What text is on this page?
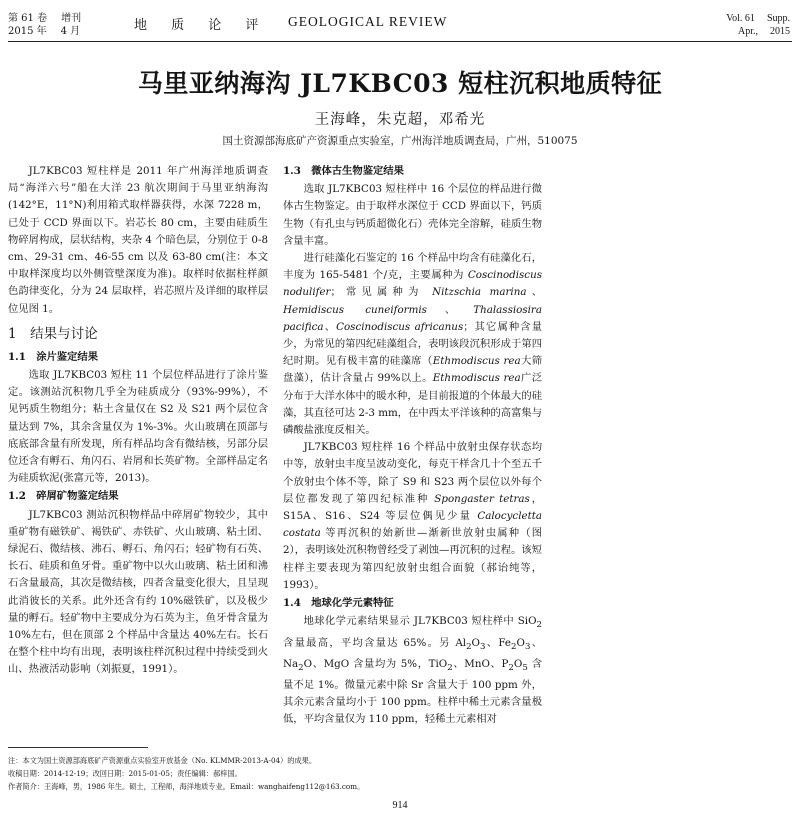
第 61 卷 增刊
2015 年 4 月	地 质 论 评 GEOLOGICAL REVIEW	Vol. 61 Supp.
Apr., 2015
马里亚纳海沟 JL7KBC03 短柱沉积地质特征
王海峰，朱克超，邓希光
国土资源部海底矿产资源重点实验室，广州海洋地质调查局，广州，510075

JL7KBC03 短柱样是 2011 年广州海洋地质调查局“海洋六号”船在大洋 23 航次期间于马里亚纳海沟(142°E，11°N)利用箱式取样器获得，水深 7228 m，已处于 CCD 界面以下。岩芯长 80 cm，主要由硅质生物碎屑构成，层状结构，夹杂 4 个暗色层，分别位于 0-8 cm、29-31 cm、46-55 cm 以及 63-80 cm(注：本文中取样深度均以外侧管壁深度为准)。取样时依据柱样颜色韵律变化，分为 24 层取样，岩芯照片及详细的取样层位见图 1。

1　结果与讨论
1.1　涂片鉴定结果

选取 JL7KBC03 短柱 11 个层位样品进行了涂片鉴定。该测站沉积物几乎全为硅质成分（93%-99%），不见钙质生物组分；粘土含量仅在 S2 及 S21 两个层位含量达到 7%，其余含量仅为 1%-3%。火山玻璃在顶部与底底部含量有所发现，所有样品均含有微结核，另部分层位还含有孵石、角闪石、岩屑和长英矿物。全部样品定名为硅质软泥(张富元等，2013)。

1.2　碎屑矿物鉴定结果

JL7KBC03 测站沉积物样品中碎屑矿物较少，其中重矿物有磁铁矿、褐铁矿、赤铁矿、火山玻璃、粘土团、绿泥石、微结核、沸石、孵石、角闪石；轻矿物有石英、长石、硅质和鱼牙骨。重矿物中以火山玻璃、粘土团和沸石含量最高，其次是微结核，四者含量变化很大，且呈现此消彼长的关系。此外还含有约 10%磁铁矿，以及极少量的孵石。轻矿物中主要成分为石英为主，鱼牙骨含量为 10%左右，但在顶部 2 个样品中含量达 40%左右。长石在整个柱中均有出现，表明该柱样沉积过程中持续受到火山、热液活动影响（刘振夏，1991）。

1.3　微体古生物鉴定结果

选取 JL7KBC03 短柱样中 16 个层位的样品进行微体古生物鉴定。由于取样水深位于 CCD 界面以下，钙质生物（有孔虫与钙质超微化石）壳体完全溶解，硅质生物含量丰富。

进行硅藻化石鉴定的 16 个样品中均含有硅藻化石，丰度为 165-5481 个/克，主要属种为 Coscinodiscus nodulifer；常见属种为 Nitzschia marina、Hemidiscus cuneiformis、Thalassiosira pacifica、Coscinodiscus africanus；其它属种含量少，为常见的第四纪硅藻组合，表明该段沉积形成于第四纪时期。见有极丰富的硅藻席（Ethmodiscus rea大筛盘藻），估计含量占 99%以上。Ethmodiscus rea广泛分布于大洋水体中的暖水种，是目前报道的个体最大的硅藻，其直径可达 2-3 mm，在中西太平洋该种的高富集与磷酸盐涨度反相关。

JL7KBC03 短柱样 16 个样品中放射虫保存状态均中等，放射虫丰度呈波动变化，每克干样含几十个至五千个放射虫个体不等，除了 S9 和 S23 两个层位以外每个层位都发现了第四纪标准种 Spongaster tetras，S15A、S16、S24 等层位偶见少量 Calocycletta costata 等再沉积的始新世—渐新世放射虫属种（图 2），表明该处沉积物曾经受了剥蚀—再沉积的过程。该短柱样主要表现为第四纪放射虫组合面貌（郝诒纯等，1993）。

1.4　地球化学元素特征

地球化学元素结果显示 JL7KBC03 短柱样中 SiO$_2$ 含量最高，平均含量达 65%。另 $Al_2O_3$、$Fe_2O_3$、$Na_2O$、MgO 含量均为 5%，TiO$_2$、MnO、$P_2O_5$ 含量不足 1%。微量元素中除 Sr 含量大于 100 ppm 外，其余元素含量均小于 100 ppm。柱样中稀土元素含量极低，平均含量仅为 110 ppm，轻稀土元素相对

注：本文为国土资源部海底矿产资源重点实验室开放基金（No. KLMMR-2013-A-04）的成果。
收稿日期：2014-12-19；改回日期：2015-01-05；责任编辑：郝梓国。
作者简介：王海峰，男，1986 年生。硕士，工程师，海洋地质专业。Email：wanghaifeng112@163.com。
914
